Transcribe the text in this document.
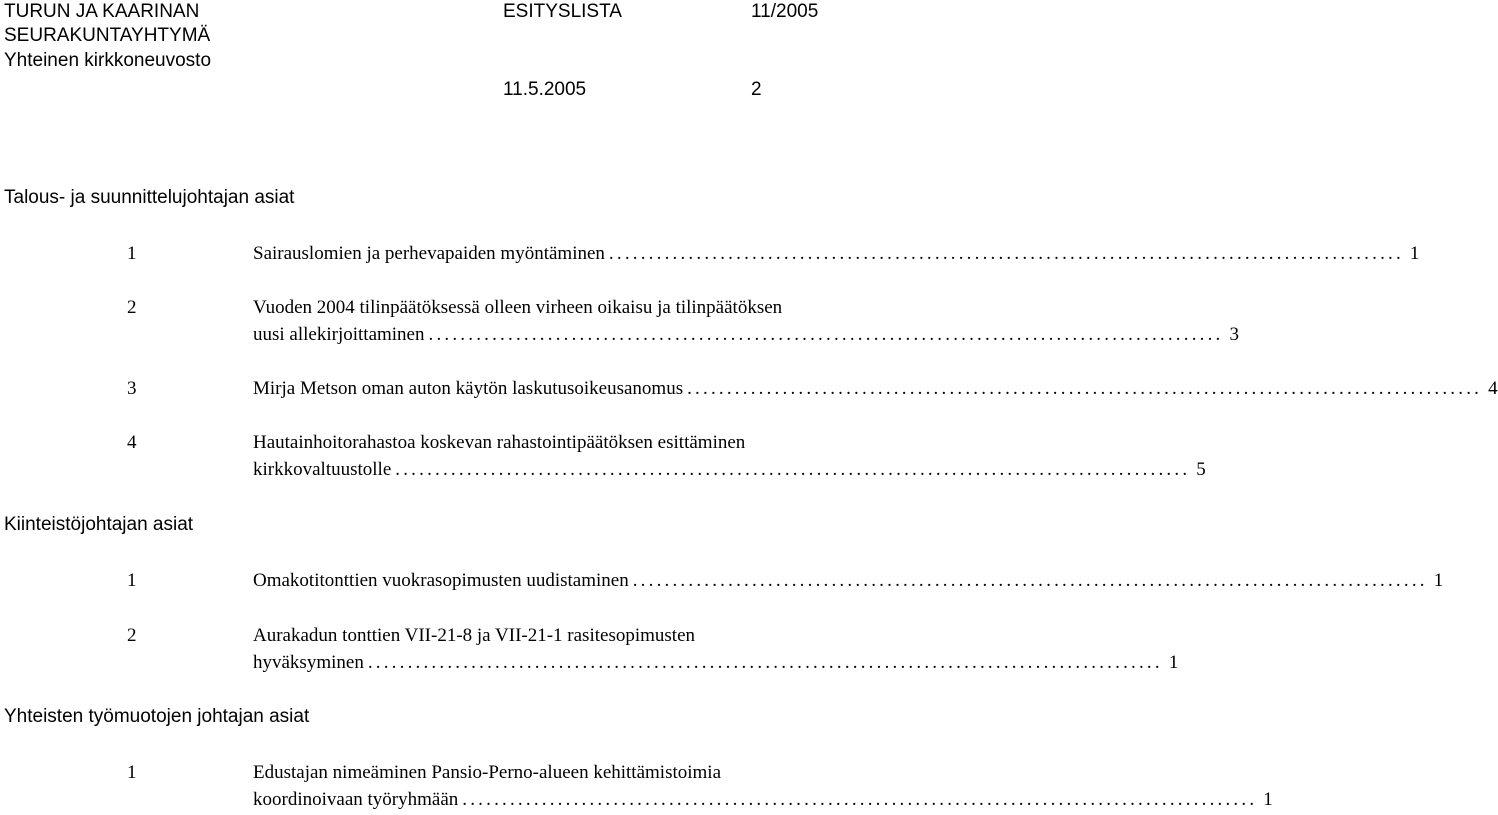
TURUN JA KAARINAN
SEURAKUNTAYHTYMÄ
Yhteinen kirkkoneuvosto
ESITYSLISTA	11/2005
11.5.2005	2
Talous- ja suunnittelujohtajan asiat
1	Sairauslomien ja perhevapaiden myöntäminen .................................................................................................... 1
2	Vuoden 2004 tilinpäätöksessä olleen virheen oikaisu ja tilinpäätöksen
uusi allekirjoittaminen .................................................................................................... 3
3	Mirja Metson oman auton käytön laskutusoikeusanomus .................................................................................................... 4
4	Hautainhoitorahastoa koskevan rahastointipäätöksen esittäminen
kirkkovaltuustolle .................................................................................................... 5
Kiinteistöjohtajan asiat
1	Omakotitonttien vuokrasopimusten uudistaminen .................................................................................................... 1
2	Aurakadun tonttien VII-21-8 ja VII-21-1 rasitesopimusten
hyväksyminen .................................................................................................... 1
Yhteisten työmuotojen johtajan asiat
1	Edustajan nimeäminen Pansio-Perno-alueen kehittämistoimia
koordinoivaan työryhmään .................................................................................................... 1
